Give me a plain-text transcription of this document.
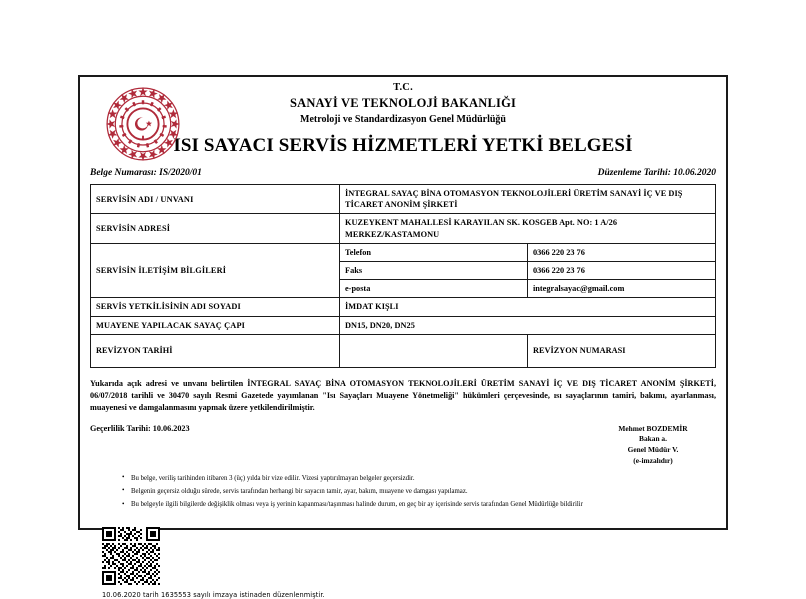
T.C.
SANAYİ VE TEKNOLOJİ BAKANLIĞI
Metroloji ve Standardizasyon Genel Müdürlüğü
ISI SAYACI SERVİS HİZMETLERİ YETKİ BELGESİ
Belge Numarası: IS/2020/01	Düzenleme Tarihi: 10.06.2020
SERVİSİN ADI / UNVANI	İNTEGRAL SAYAÇ BİNA OTOMASYON TEKNOLOJİLERİ ÜRETİM SANAYİ İÇ VE DIŞ TİCARET ANONİM ŞİRKETİ	
SERVİSİN ADRESİ	KUZEYKENT MAHALLESİ KARAYILAN SK. KOSGEB Apt. NO: 1 A/26 MERKEZ/KASTAMONU	
SERVİSİN İLETİŞİM BİLGİLERİ	Telefon	0366 220 23 76
	Faks	0366 220 23 76
	e-posta	integralsayac@gmail.com
SERVİS YETKİLİSİNİN ADI SOYADI	İMDAT KIŞLI	
MUAYENE YAPILACAK SAYAÇ ÇAPI	DN15, DN20, DN25	
REVİZYON TARİHİ		REVİZYON NUMARASI
Yukarıda açık adresi ve unvanı belirtilen İNTEGRAL SAYAÇ BİNA OTOMASYON TEKNOLOJİLERİ ÜRETİM SANAYİ İÇ VE DIŞ TİCARET ANONİM ŞİRKETİ, 06/07/2018 tarihli ve 30470 sayılı Resmi Gazetede yayımlanan "Isı Sayaçları Muayene Yönetmeliği" hükümleri çerçevesinde, ısı sayaçlarının tamiri, bakımı, ayarlanması, muayenesi ve damgalanmasını yapmak üzere yetkilendirilmiştir.
Geçerlilik Tarihi: 10.06.2023	Mehmet BOZDEMİR
Bakan a.
Genel Müdür V.
(e-imzalıdır)
• Bu belge, veriliş tarihinden itibaren 3 (üç) yılda bir vize edilir. Vizesi yaptırılmayan belgeler geçersizdir.
• Belgenin geçersiz olduğu sürede, servis tarafından herhangi bir sayacın tamir, ayar, bakım, muayene ve damgası yapılamaz.
• Bu belgeyle ilgili bilgilerde değişiklik olması veya iş yerinin kapanması/taşınması halinde durum, en geç bir ay içerisinde servis tarafından Genel Müdürlüğe bildirilir
10.06.2020 tarih 1635553 sayılı imzaya istinaden düzenlenmiştir.
